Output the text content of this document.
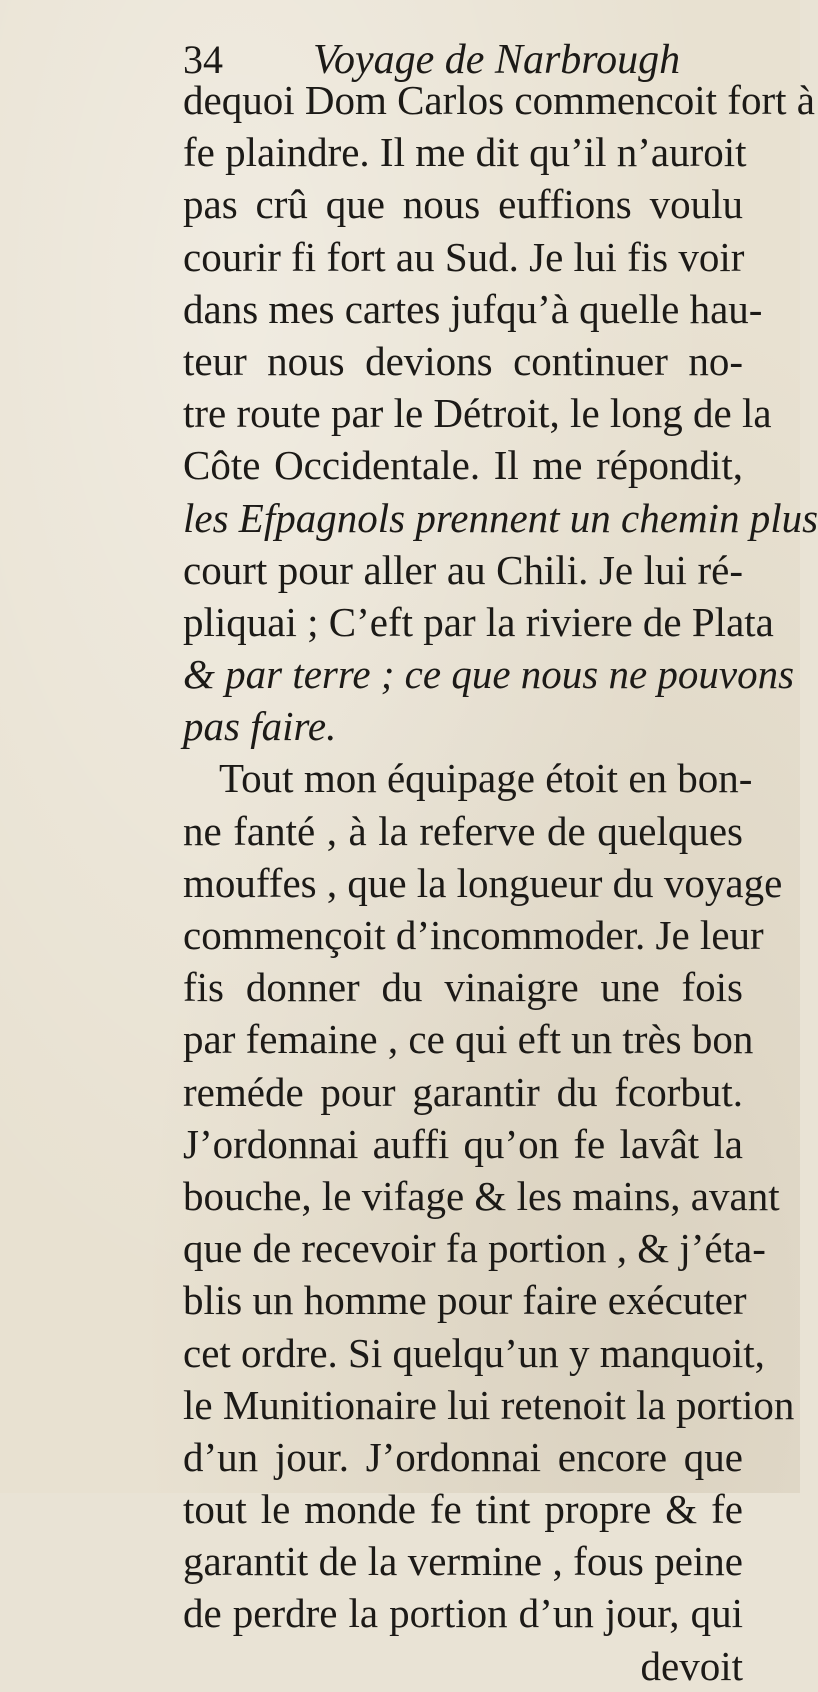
34 Voyage de Narbrough
dequoi Dom Carlos commencoit fort à
fe plaindre. Il me dit qu’il n’auroit
pas crû que nous euffions voulu
courir fi fort au Sud. Je lui fis voir
dans mes cartes jufqu’à quelle hau-
teur nous devions continuer no-
tre route par le Détroit, le long de la
Côte Occidentale. Il me répondit,
les Efpagnols prennent un chemin plus
court pour aller au Chili. Je lui ré-
pliquai ; C’eft par la riviere de Plata
& par terre ; ce que nous ne pouvons
pas faire.
Tout mon équipage étoit en bon-
ne fanté , à la referve de quelques
mouffes , que la longueur du voyage
commençoit d’incommoder. Je leur
fis donner du vinaigre une fois
par femaine , ce qui eft un très bon
reméde pour garantir du fcorbut.
J’ordonnai auffi qu’on fe lavât la
bouche, le vifage & les mains, avant
que de recevoir fa portion , & j’éta-
blis un homme pour faire exécuter
cet ordre. Si quelqu’un y manquoit,
le Munitionaire lui retenoit la portion
d’un jour. J’ordonnai encore que
tout le monde fe tint propre & fe
garantit de la vermine , fous peine
de perdre la portion d’un jour, qui
devoit
